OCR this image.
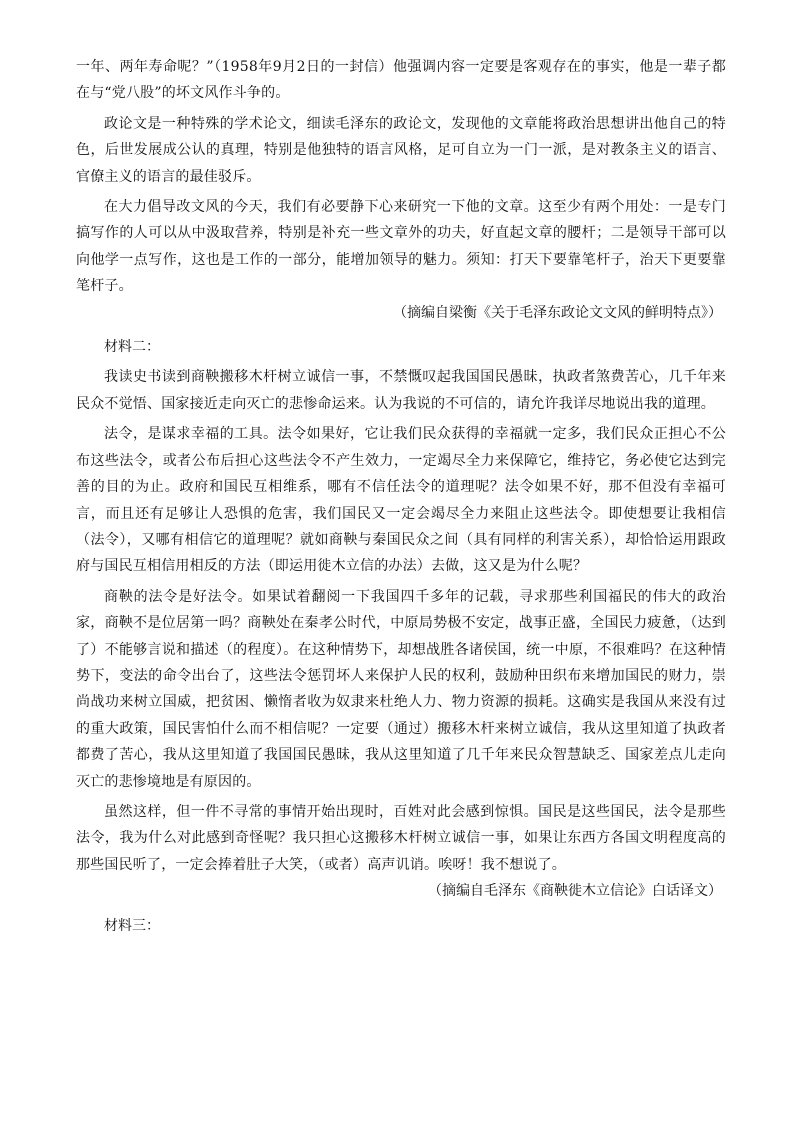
一年、两年寿命呢？”（1958年9月2日的一封信）他强调内容一定要是客观存在的事实，他是一辈子都在与“党八股”的坏文风作斗争的。

政论文是一种特殊的学术论文，细读毛泽东的政论文，发现他的文章能将政治思想讲出他自己的特色，后世发展成公认的真理，特别是他独特的语言风格，足可自立为一门一派，是对教条主义的语言、官僚主义的语言的最佳驳斥。

在大力倡导改文风的今天，我们有必要静下心来研究一下他的文章。这至少有两个用处：一是专门搞写作的人可以从中汲取营养，特别是补充一些文章外的功夫，好直起文章的腰杆；二是领导干部可以向他学一点写作，这也是工作的一部分，能增加领导的魅力。须知：打天下要靠笔杆子，治天下更要靠笔杆子。

（摘编自梁衡《关于毛泽东政论文文风的鲜明特点》）

材料二：

我读史书读到商鞅搬移木杆树立诚信一事，不禁慨叹起我国国民愚昧，执政者煞费苦心，几千年来民众不觉悟、国家接近走向灭亡的悲惨命运来。认为我说的不可信的，请允许我详尽地说出我的道理。

法令，是谋求幸福的工具。法令如果好，它让我们民众获得的幸福就一定多，我们民众正担心不公布这些法令，或者公布后担心这些法令不产生效力，一定竭尽全力来保障它，维持它，务必使它达到完善的目的为止。政府和国民互相维系，哪有不信任法令的道理呢？法令如果不好，那不但没有幸福可言，而且还有足够让人恐惧的危害，我们国民又一定会竭尽全力来阻止这些法令。即使想要让我相信（法令），又哪有相信它的道理呢？就如商鞅与秦国民众之间（具有同样的利害关系），却恰恰运用跟政府与国民互相信用相反的方法（即运用徙木立信的办法）去做，这又是为什么呢？

商鞅的法令是好法令。如果试着翻阅一下我国四千多年的记载，寻求那些利国福民的伟大的政治家，商鞅不是位居第一吗？商鞅处在秦孝公时代，中原局势极不安定，战事正盛，全国民力疲惫，（达到了）不能够言说和描述（的程度）。在这种情势下，却想战胜各诸侯国，统一中原，不很难吗？在这种情势下，变法的命令出台了，这些法令惩罚坏人来保护人民的权利，鼓励种田织布来增加国民的财力，崇尚战功来树立国威，把贫困、懒惰者收为奴隶来杜绝人力、物力资源的损耗。这确实是我国从来没有过的重大政策，国民害怕什么而不相信呢？一定要（通过）搬移木杆来树立诚信，我从这里知道了执政者都费了苦心，我从这里知道了我国国民愚昧，我从这里知道了几千年来民众智慧缺乏、国家差点儿走向灭亡的悲惨境地是有原因的。

虽然这样，但一件不寻常的事情开始出现时，百姓对此会感到惊惧。国民是这些国民，法令是那些法令，我为什么对此感到奇怪呢？我只担心这搬移木杆树立诚信一事，如果让东西方各国文明程度高的那些国民听了，一定会捧着肚子大笑，（或者）高声讥诮。唉呀！我不想说了。

（摘编自毛泽东《商鞅徙木立信论》白话译文）

材料三：
